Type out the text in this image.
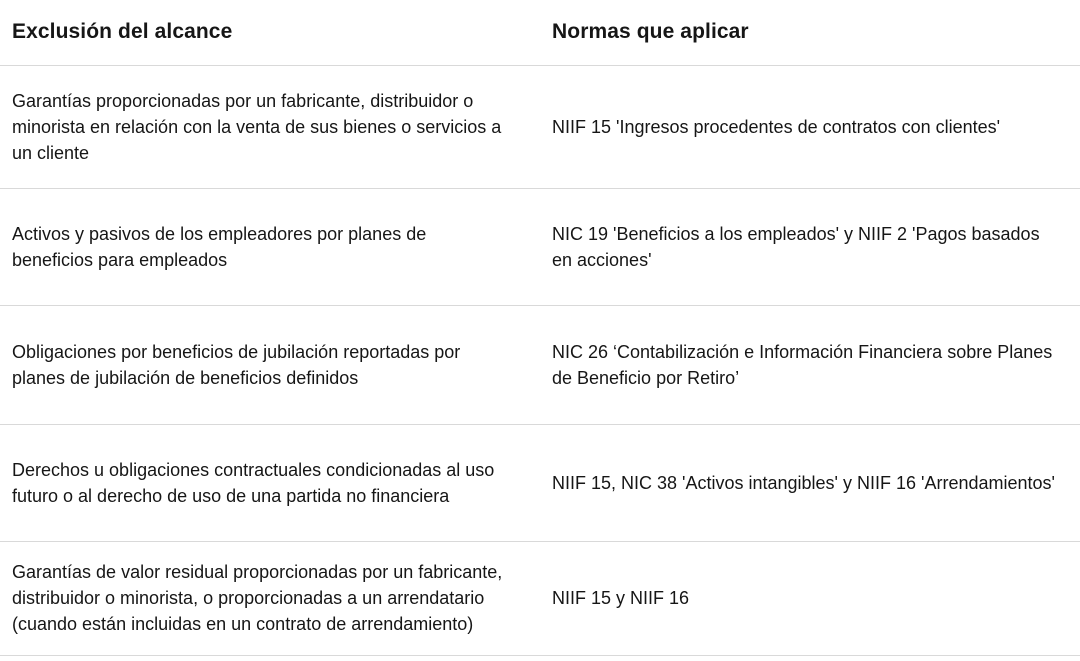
Exclusión del alcance	Normas que aplicar
Garantías proporcionadas por un fabricante, distribuidor o minorista en relación con la venta de sus bienes o servicios a un cliente	NIIF 15 'Ingresos procedentes de contratos con clientes'
Activos y pasivos de los empleadores por planes de beneficios para empleados	NIC 19 'Beneficios a los empleados' y NIIF 2 'Pagos basados en acciones'
Obligaciones por beneficios de jubilación reportadas por planes de jubilación de beneficios definidos	NIC 26 ‘Contabilización e Información Financiera sobre Planes de Beneficio por Retiro’
Derechos u obligaciones contractuales condicionadas al uso futuro o al derecho de uso de una partida no financiera	NIIF 15, NIC 38 'Activos intangibles' y NIIF 16 'Arrendamientos'
Garantías de valor residual proporcionadas por un fabricante, distribuidor o minorista, o proporcionadas a un arrendatario (cuando están incluidas en un contrato de arrendamiento)	NIIF 15 y NIIF 16
